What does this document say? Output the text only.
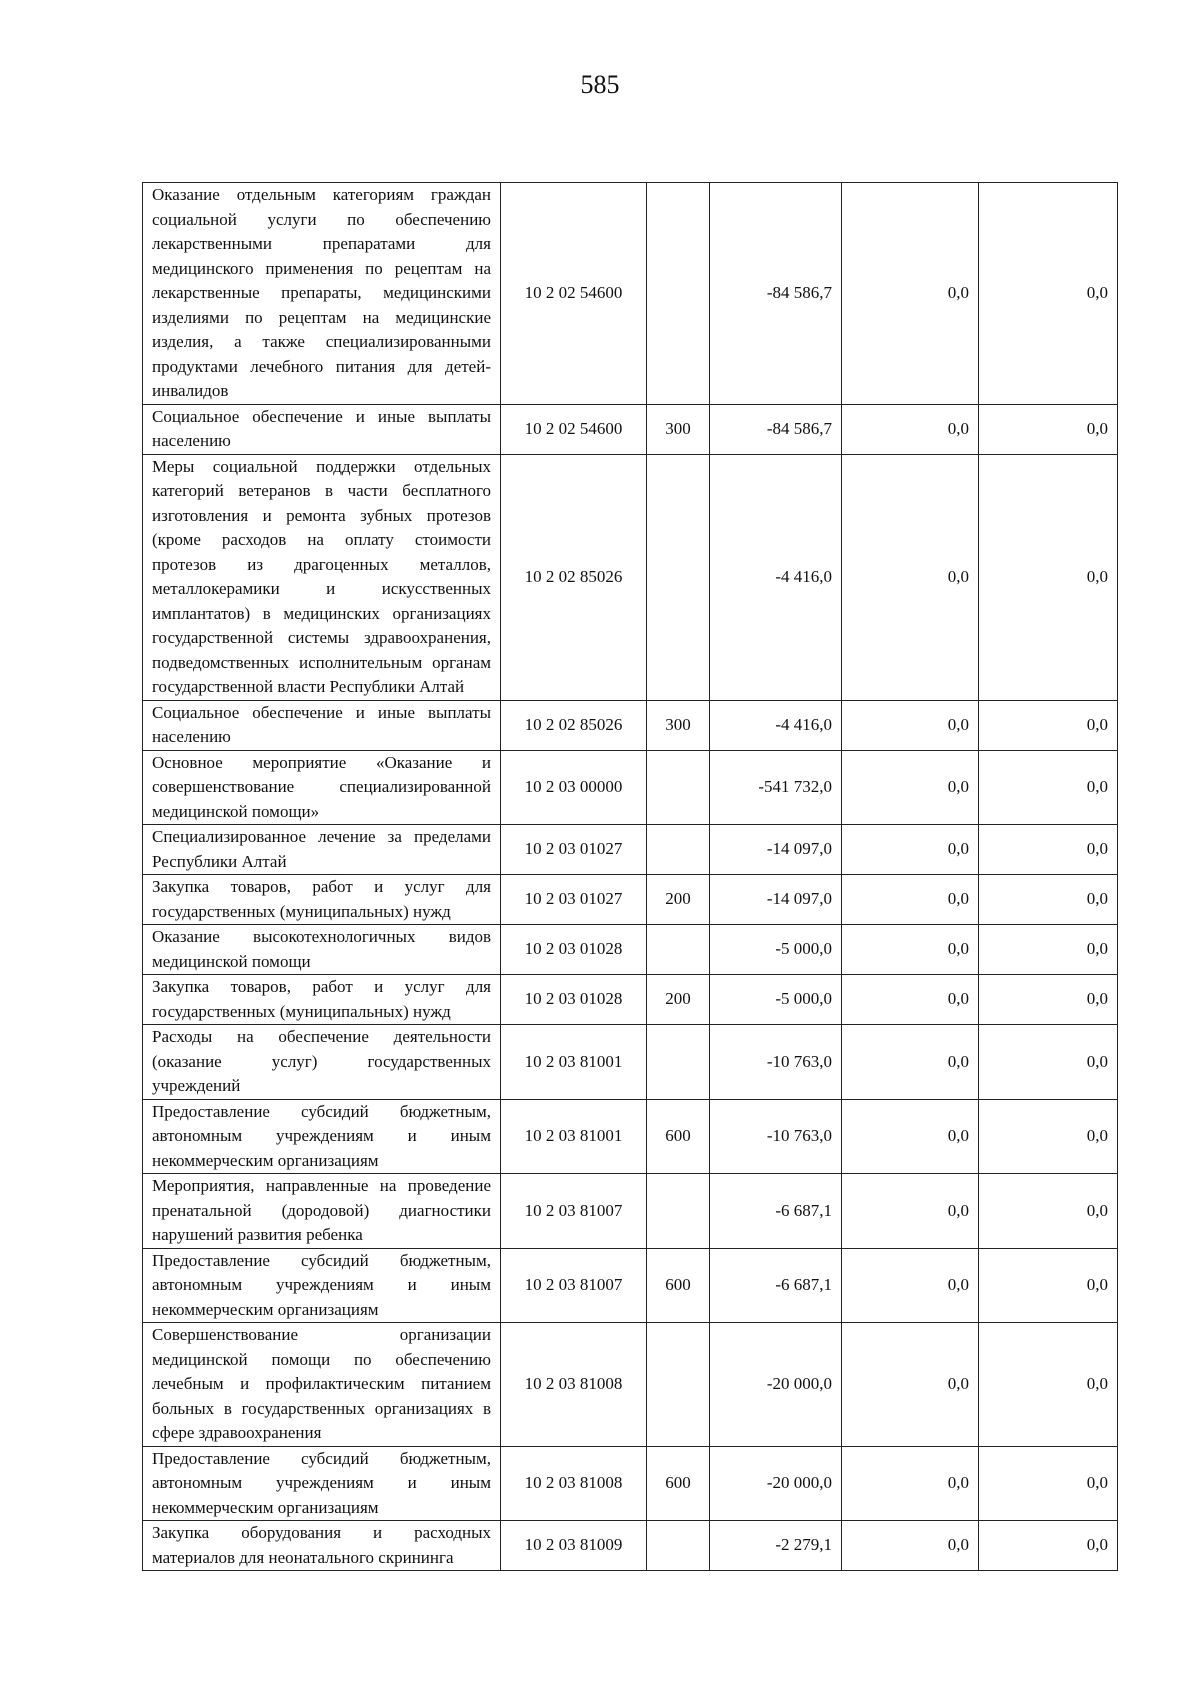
585
Оказание отдельным категориям граждан социальной услуги по обеспечению лекарственными препаратами для медицинского применения по рецептам на лекарственные препараты, медицинскими изделиями по рецептам на медицинские изделия, а также специализированными продуктами лечебного питания для детей-инвалидов	10 2 02 54600		-84 586,7	0,0	0,0
Социальное обеспечение и иные выплаты населению	10 2 02 54600	300	-84 586,7	0,0	0,0
Меры социальной поддержки отдельных категорий ветеранов в части бесплатного изготовления и ремонта зубных протезов (кроме расходов на оплату стоимости протезов из драгоценных металлов, металлокерамики и искусственных имплантатов) в медицинских организациях государственной системы здравоохранения, подведомственных исполнительным органам государственной власти Республики Алтай	10 2 02 85026		-4 416,0	0,0	0,0
Социальное обеспечение и иные выплаты населению	10 2 02 85026	300	-4 416,0	0,0	0,0
Основное мероприятие «Оказание и совершенствование специализированной медицинской помощи»	10 2 03 00000		-541 732,0	0,0	0,0
Специализированное лечение за пределами Республики Алтай	10 2 03 01027		-14 097,0	0,0	0,0
Закупка товаров, работ и услуг для государственных (муниципальных) нужд	10 2 03 01027	200	-14 097,0	0,0	0,0
Оказание высокотехнологичных видов медицинской помощи	10 2 03 01028		-5 000,0	0,0	0,0
Закупка товаров, работ и услуг для государственных (муниципальных) нужд	10 2 03 01028	200	-5 000,0	0,0	0,0
Расходы на обеспечение деятельности (оказание услуг) государственных учреждений	10 2 03 81001		-10 763,0	0,0	0,0
Предоставление субсидий бюджетным, автономным учреждениям и иным некоммерческим организациям	10 2 03 81001	600	-10 763,0	0,0	0,0
Мероприятия, направленные на проведение пренатальной (дородовой) диагностики нарушений развития ребенка	10 2 03 81007		-6 687,1	0,0	0,0
Предоставление субсидий бюджетным, автономным учреждениям и иным некоммерческим организациям	10 2 03 81007	600	-6 687,1	0,0	0,0
Совершенствование организации медицинской помощи по обеспечению лечебным и профилактическим питанием больных в государственных организациях в сфере здравоохранения	10 2 03 81008		-20 000,0	0,0	0,0
Предоставление субсидий бюджетным, автономным учреждениям и иным некоммерческим организациям	10 2 03 81008	600	-20 000,0	0,0	0,0
Закупка оборудования и расходных материалов для неонатального скрининга	10 2 03 81009		-2 279,1	0,0	0,0
